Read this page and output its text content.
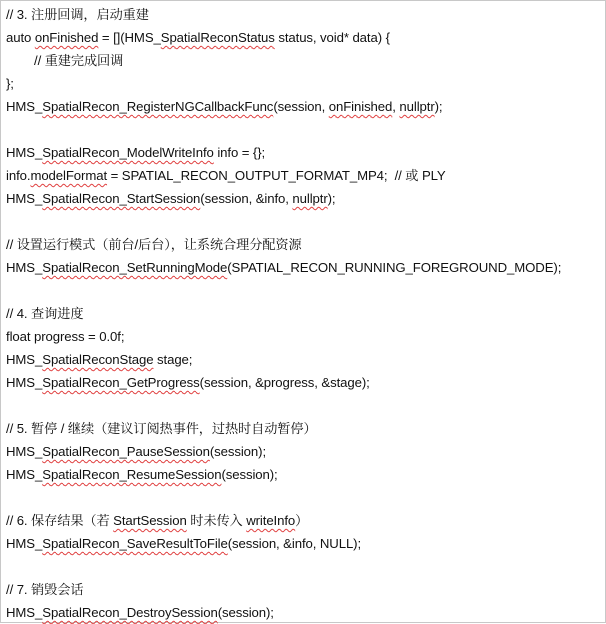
// 3. 注册回调，启动重建
auto onFinished = [](HMS_SpatialReconStatus status, void* data) {
// 重建完成回调
};
HMS_SpatialRecon_RegisterNGCallbackFunc(session, onFinished, nullptr);
HMS_SpatialRecon_ModelWriteInfo info = {};
info.modelFormat = SPATIAL_RECON_OUTPUT_FORMAT_MP4;  // 或 PLY
HMS_SpatialRecon_StartSession(session, &info, nullptr);
// 设置运行模式（前台/后台），让系统合理分配资源
HMS_SpatialRecon_SetRunningMode(SPATIAL_RECON_RUNNING_FOREGROUND_MODE);
// 4. 查询进度
float progress = 0.0f;
HMS_SpatialReconStage stage;
HMS_SpatialRecon_GetProgress(session, &progress, &stage);
// 5. 暂停 / 继续（建议订阅热事件，过热时自动暂停）
HMS_SpatialRecon_PauseSession(session);
HMS_SpatialRecon_ResumeSession(session);
// 6. 保存结果（若 StartSession 时未传入 writeInfo）
HMS_SpatialRecon_SaveResultToFile(session, &info, NULL);
// 7. 销毁会话
HMS_SpatialRecon_DestroySession(session);
